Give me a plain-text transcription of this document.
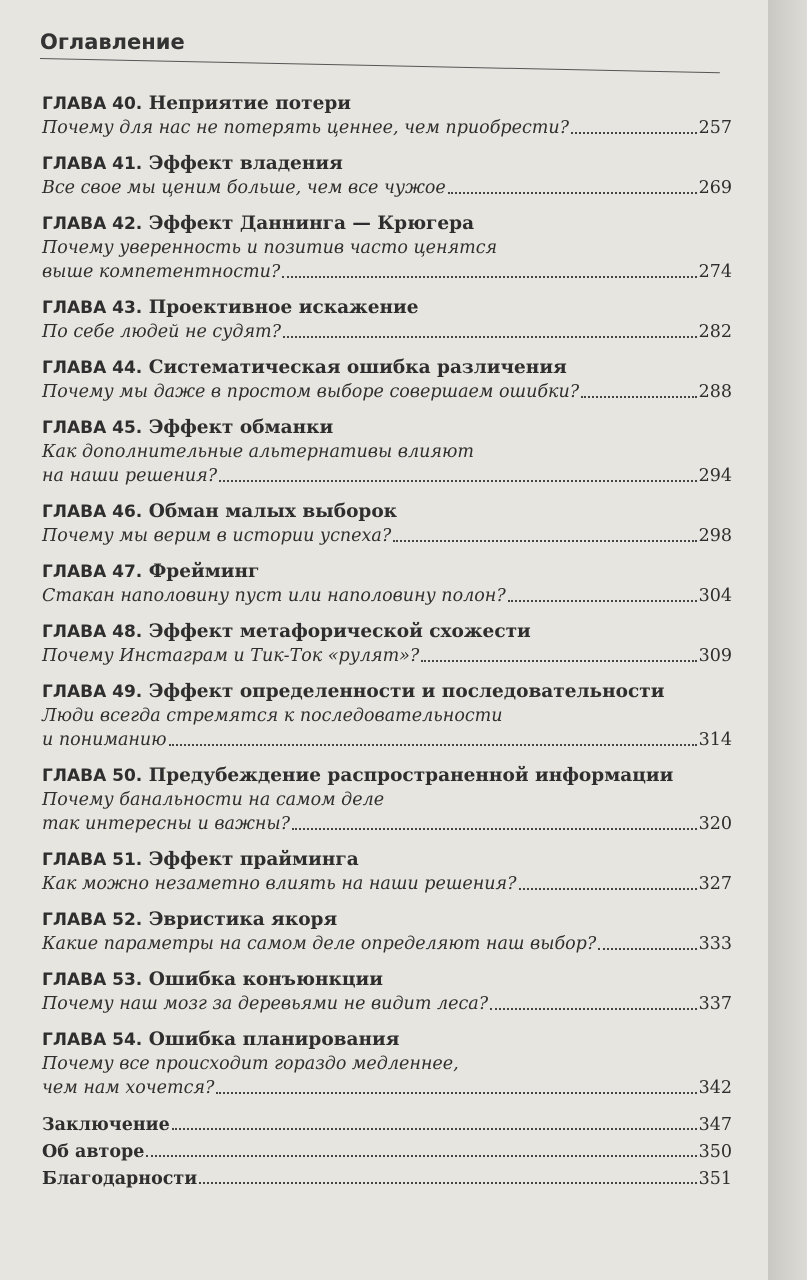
Оглавление
ГЛАВА 40. Неприятие потери
Почему для нас не потерять ценнее, чем приобрести?	257
ГЛАВА 41. Эффект владения
Все свое мы ценим больше, чем все чужое	269
ГЛАВА 42. Эффект Даннинга — Крюгера
Почему уверенность и позитив часто ценятся
выше компетентности?	274
ГЛАВА 43. Проективное искажение
По себе людей не судят?	282
ГЛАВА 44. Систематическая ошибка различения
Почему мы даже в простом выборе совершаем ошибки?	288
ГЛАВА 45. Эффект обманки
Как дополнительные альтернативы влияют
на наши решения?	294
ГЛАВА 46. Обман малых выборок
Почему мы верим в истории успеха?	298
ГЛАВА 47. Фрейминг
Стакан наполовину пуст или наполовину полон?	304
ГЛАВА 48. Эффект метафорической схожести
Почему Инстаграм и Тик-Ток «рулят»?	309
ГЛАВА 49. Эффект определенности и последовательности
Люди всегда стремятся к последовательности
и пониманию	314
ГЛАВА 50. Предубеждение распространенной информации
Почему банальности на самом деле
так интересны и важны?	320
ГЛАВА 51. Эффект прайминга
Как можно незаметно влиять на наши решения?	327
ГЛАВА 52. Эвристика якоря
Какие параметры на самом деле определяют наш выбор?	333
ГЛАВА 53. Ошибка конъюнкции
Почему наш мозг за деревьями не видит леса?	337
ГЛАВА 54. Ошибка планирования
Почему все происходит гораздо медленнее,
чем нам хочется?	342
Заключение	347
Об авторе	350
Благодарности	351
